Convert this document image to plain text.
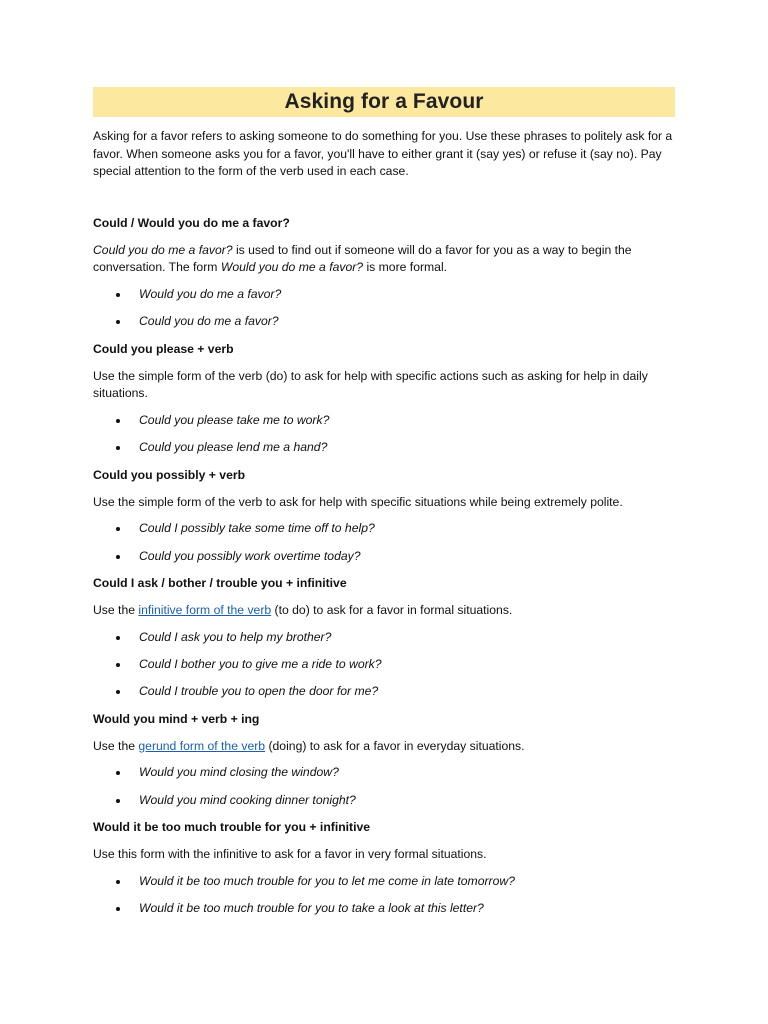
Asking for a Favour

Asking for a favor refers to asking someone to do something for you. Use these phrases to politely ask for a favor. When someone asks you for a favor, you'll have to either grant it (say yes) or refuse it (say no). Pay special attention to the form of the verb used in each case.

Could / Would you do me a favor?

Could you do me a favor? is used to find out if someone will do a favor for you as a way to begin the conversation. The form Would you do me a favor? is more formal.

Would you do me a favor?
Could you do me a favor?
Could you please + verb

Use the simple form of the verb (do) to ask for help with specific actions such as asking for help in daily situations.

Could you please take me to work?
Could you please lend me a hand?
Could you possibly + verb

Use the simple form of the verb to ask for help with specific situations while being extremely polite.

Could I possibly take some time off to help?
Could you possibly work overtime today?
Could I ask / bother / trouble you + infinitive

Use the infinitive form of the verb (to do) to ask for a favor in formal situations.

Could I ask you to help my brother?
Could I bother you to give me a ride to work?
Could I trouble you to open the door for me?
Would you mind + verb + ing

Use the gerund form of the verb (doing) to ask for a favor in everyday situations.

Would you mind closing the window?
Would you mind cooking dinner tonight?
Would it be too much trouble for you + infinitive

Use this form with the infinitive to ask for a favor in very formal situations.

Would it be too much trouble for you to let me come in late tomorrow?
Would it be too much trouble for you to take a look at this letter?
